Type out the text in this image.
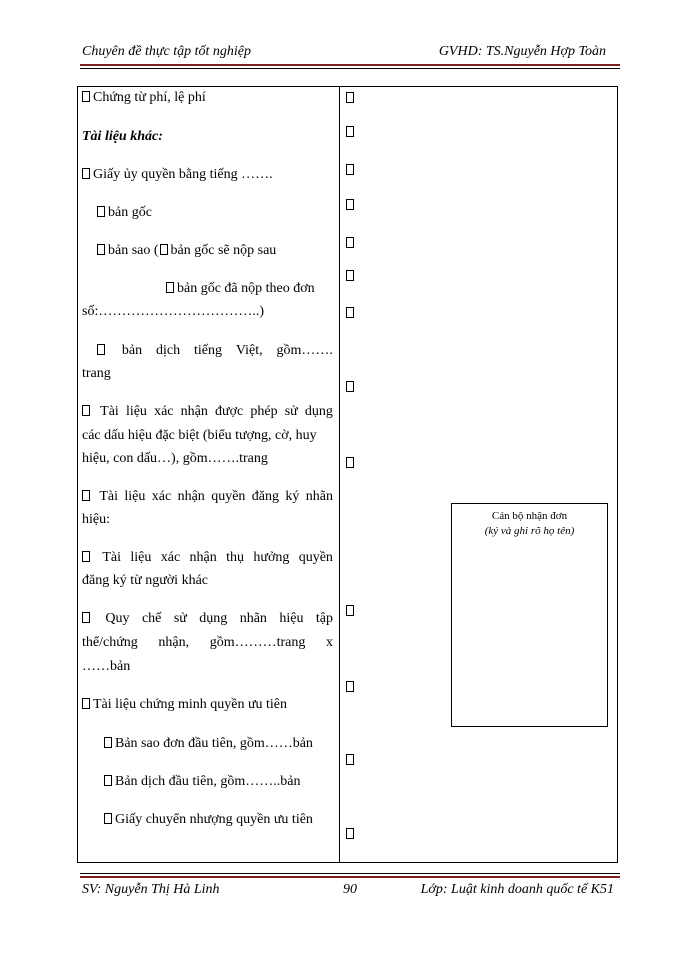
Chuyên đề thực tập tốt nghiệp	GVHD: TS.Nguyễn Hợp Toàn
Chứng từ phí, lệ phí
Tài liệu khác:
Giấy ủy quyền bằng tiếng …….
bản gốc
bản sao ( bản gốc sẽ nộp sau
bản gốc đã nộp theo đơn
số:……………………………..)
bản dịch tiếng Việt, gồm…….
trang
Tài liệu xác nhận được phép sử dụng
các dấu hiệu đặc biệt (biểu tượng, cờ, huy
hiệu, con dấu…), gồm…….trang
Tài liệu xác nhận quyền đăng ký nhãn
hiệu:
Tài liệu xác nhận thụ hưởng quyền
đăng ký từ người khác
Quy chế sử dụng nhãn hiệu tập
thể/chứng nhận, gồm………trang x
……bản
Tài liệu chứng minh quyền ưu tiên
Bản sao đơn đầu tiên, gồm……bản
Bản dịch đầu tiên, gồm……..bản
Giấy chuyển nhượng quyền ưu tiên
Cán bộ nhận đơn
(ký và ghi rõ họ tên)
SV: Nguyễn Thị Hà Linh	90	Lớp: Luật kinh doanh quốc tế K51
